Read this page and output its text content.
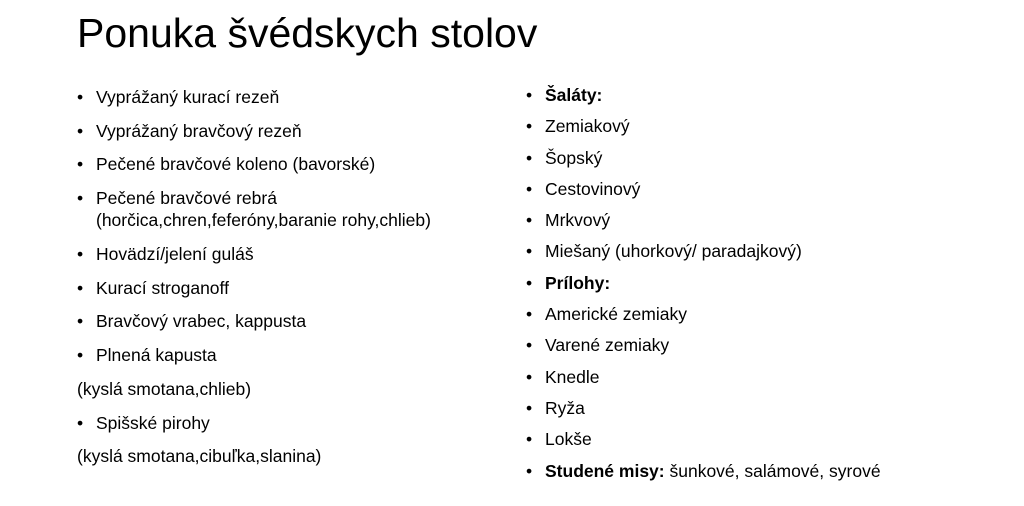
Ponuka švédskych stolov
• Vyprážaný kurací rezeň
• Vyprážaný bravčový rezeň
• Pečené bravčové koleno (bavorské)
• Pečené bravčové rebrá
(horčica,chren,feferóny,baranie rohy,chlieb)
• Hovädzí/jelení guláš
• Kurací stroganoff
• Bravčový vrabec, kappusta
• Plnená kapusta
(kyslá smotana,chlieb)
• Spišské pirohy
(kyslá smotana,cibuľka,slanina)
• Šaláty:
• Zemiakový
• Šopský
• Cestovinový
• Mrkvový
• Miešaný (uhorkový/ paradajkový)
• Prílohy:
• Americké zemiaky
• Varené zemiaky
• Knedle
• Ryža
• Lokše
• Studené misy: šunkové, salámové, syrové
